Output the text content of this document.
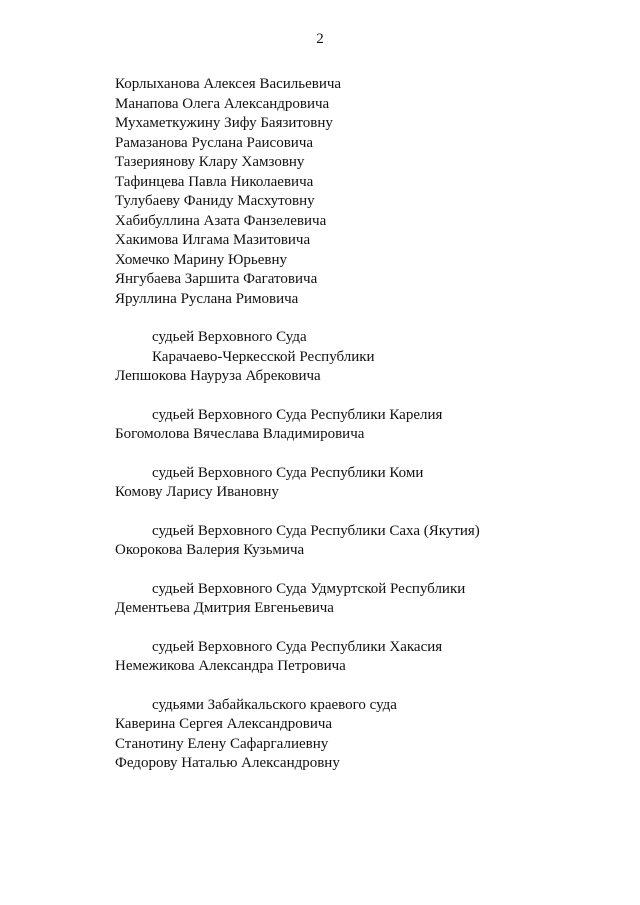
2
Корлыханова Алексея Васильевича
Манапова Олега Александровича
Мухаметкужину Зифу Баязитовну
Рамазанова Руслана Раисовича
Тазериянову Клару Хамзовну
Тафинцева Павла Николаевича
Тулубаеву Фаниду Масхутовну
Хабибуллина Азата Фанзелевича
Хакимова Илгама Мазитовича
Хомечко Марину Юрьевну
Янгубаева Заршита Фагатовича
Яруллина Руслана Римовича
судьей Верховного Суда
Карачаево-Черкесской Республики
Лепшокова Науруза Абрековича
судьей Верховного Суда Республики Карелия
Богомолова Вячеслава Владимировича
судьей Верховного Суда Республики Коми
Комову Ларису Ивановну
судьей Верховного Суда Республики Саха (Якутия)
Окорокова Валерия Кузьмича
судьей Верховного Суда Удмуртской Республики
Дементьева Дмитрия Евгеньевича
судьей Верховного Суда Республики Хакасия
Немежикова Александра Петровича
судьями Забайкальского краевого суда
Каверина Сергея Александровича
Станотину Елену Сафаргалиевну
Федорову Наталью Александровну
